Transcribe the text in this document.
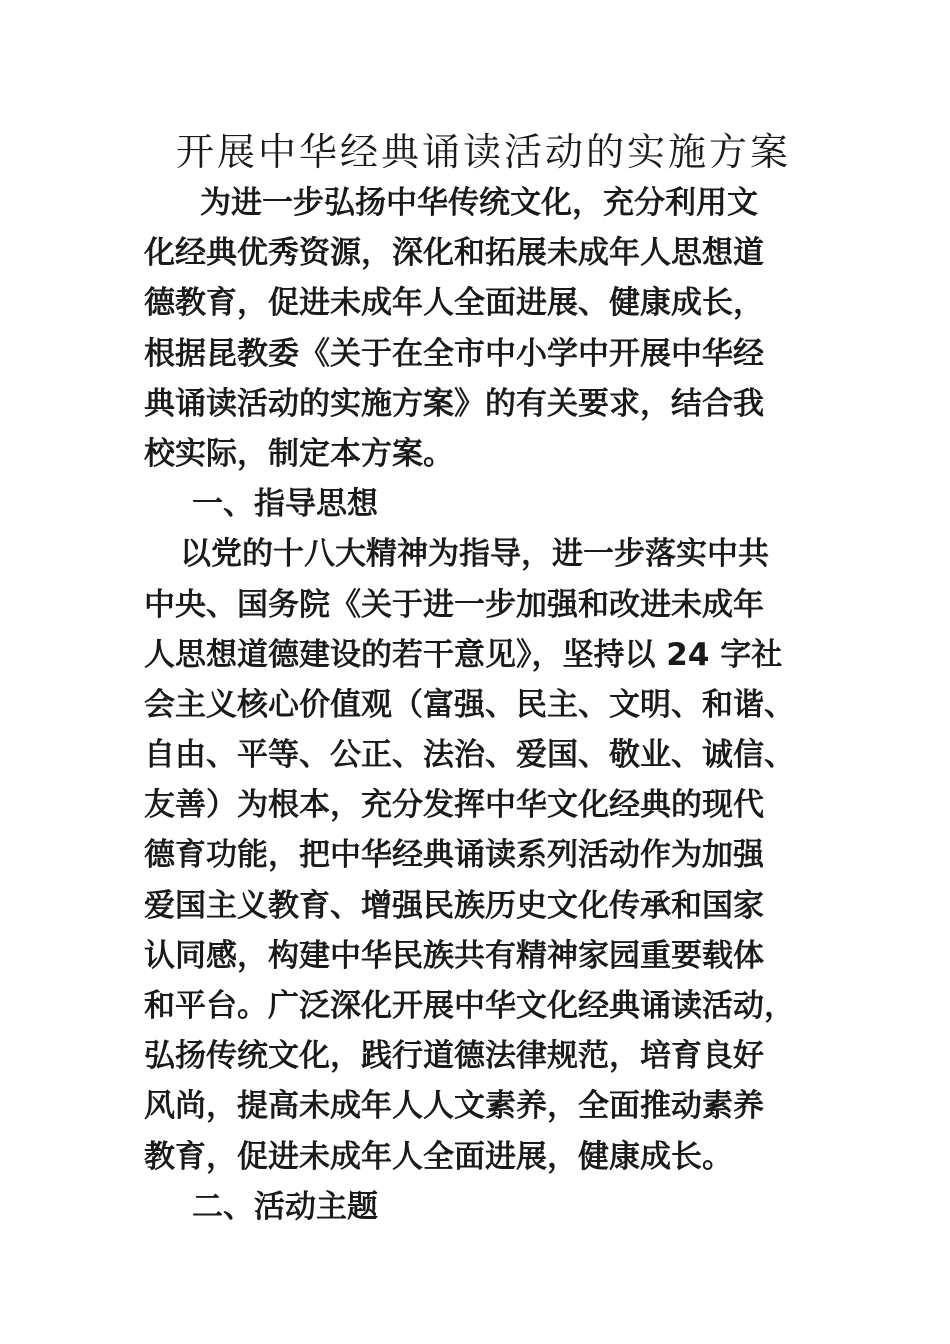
开展中华经典诵读活动的实施方案

为进一步弘扬中华传统文化，充分利用文

化经典优秀资源，深化和拓展未成年人思想道

德教育，促进未成年人全面进展、健康成长，

根据昆教委《关于在全市中小学中开展中华经

典诵读活动的实施方案》的有关要求，结合我

校实际，制定本方案。

一、指导思想

以党的十八大精神为指导，进一步落实中共

中央、国务院《关于进一步加强和改进未成年

人思想道德建设的若干意见》，坚持以 24 字社

会主义核心价值观（富强、民主、文明、和谐、

自由、平等、公正、法治、爱国、敬业、诚信、

友善）为根本，充分发挥中华文化经典的现代

德育功能，把中华经典诵读系列活动作为加强

爱国主义教育、增强民族历史文化传承和国家

认同感，构建中华民族共有精神家园重要载体

和平台。广泛深化开展中华文化经典诵读活动，

弘扬传统文化，践行道德法律规范，培育良好

风尚，提高未成年人人文素养，全面推动素养

教育，促进未成年人全面进展，健康成长。

二、活动主题
